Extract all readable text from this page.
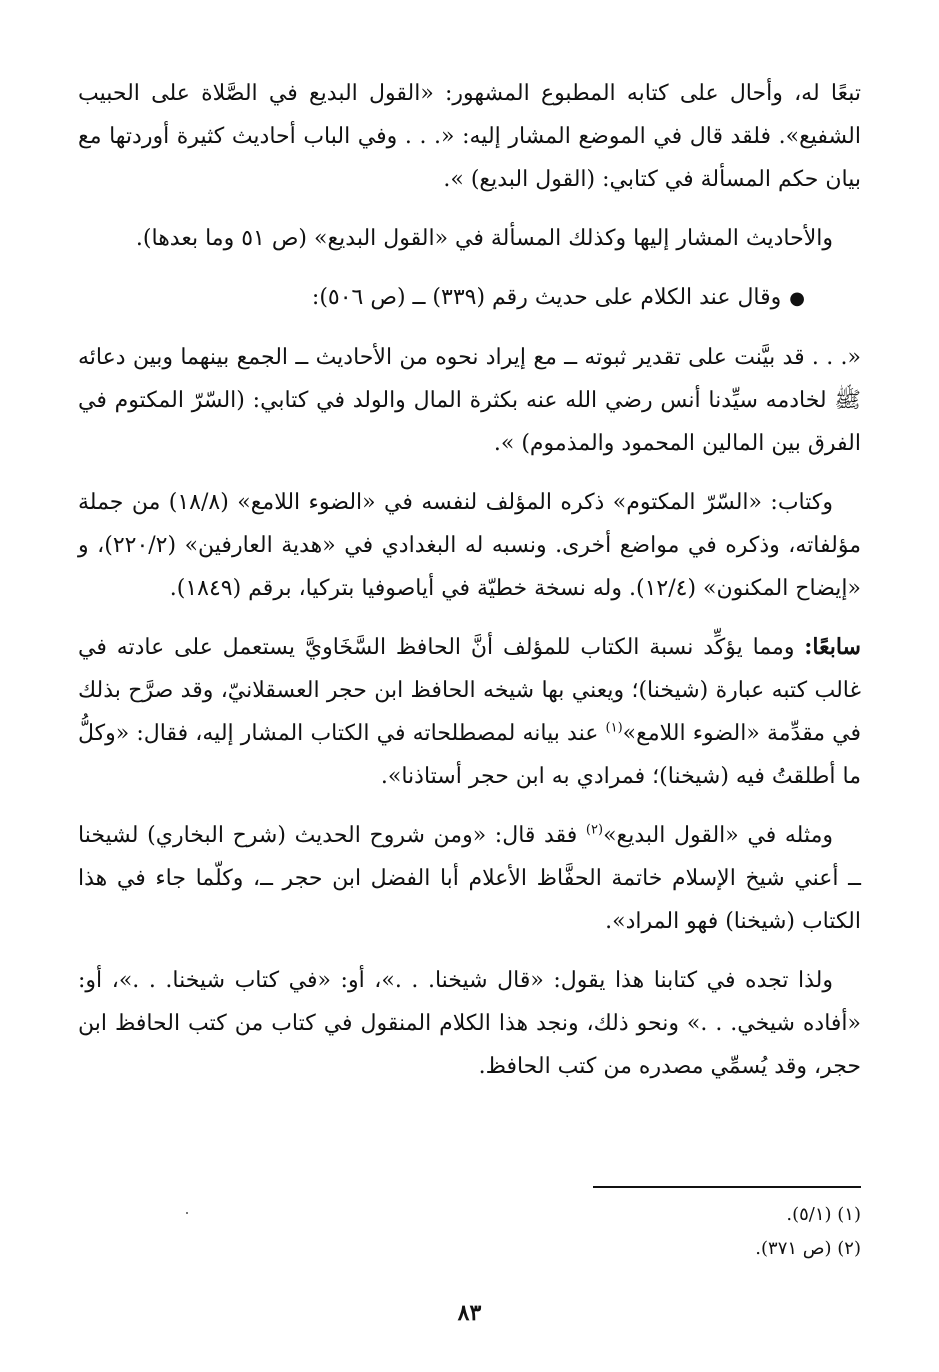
تبعًا له، وأحال على كتابه المطبوع المشهور: «القول البديع في الصَّلاة على الحبيب الشفيع». فلقد قال في الموضع المشار إليه: «. . . وفي الباب أحاديث كثيرة أوردتها مع بيان حكم المسألة في كتابي: (القول البديع) ».

والأحاديث المشار إليها وكذلك المسألة في «القول البديع» (ص ٥١ وما بعدها).

●وقال عند الكلام على حديث رقم (٣٣٩) ــ (ص ٥٠٦):

«. . . قد بيَّنت على تقدير ثبوته ــ مع إيراد نحوه من الأحاديث ــ الجمع بينهما وبين دعائه ﷺ لخادمه سيِّدنا أنس رضي الله عنه بكثرة المال والولد في كتابي: (السّرّ المكتوم في الفرق بين المالين المحمود والمذموم) ».

وكتاب: «السّرّ المكتوم» ذكره المؤلف لنفسه في «الضوء اللامع» (١٨/٨) من جملة مؤلفاته، وذكره في مواضع أخرى. ونسبه له البغدادي في «هدية العارفين» (٢٢٠/٢)، و «إيضاح المكنون» (١٢/٤). وله نسخة خطيّة في أياصوفيا بتركيا، برقم (١٨٤٩).

سابعًا: ومما يؤكِّد نسبة الكتاب للمؤلف أنَّ الحافظ السَّخَاويَّ يستعمل على عادته في غالب كتبه عبارة (شيخنا)؛ ويعني بها شيخه الحافظ ابن حجر العسقلانيّ، وقد صرَّح بذلك في مقدِّمة «الضوء اللامع»$^{(١)}$ عند بيانه لمصطلحاته في الكتاب المشار إليه، فقال: «وكلُّ ما أطلقتُ فيه (شيخنا)؛ فمرادي به ابن حجر أستاذنا».

ومثله في «القول البديع»$^{(٢)}$ فقد قال: «ومن شروح الحديث (شرح البخاري) لشيخنا ــ أعني شيخ الإسلام خاتمة الحفَّاظ الأعلام أبا الفضل ابن حجر ــ، وكلّما جاء في هذا الكتاب (شيخنا) فهو المراد».

ولذا تجده في كتابنا هذا يقول: «قال شيخنا. . .»، أو: «في كتاب شيخنا. . .»، أو: «أفاده شيخي. . .» ونحو ذلك، ونجد هذا الكلام المنقول في كتاب من كتب الحافظ ابن حجر، وقد يُسمِّي مصدره من كتب الحافظ.

(١) (٥/١).
(٢) (ص ٣٧١).
٨٣
